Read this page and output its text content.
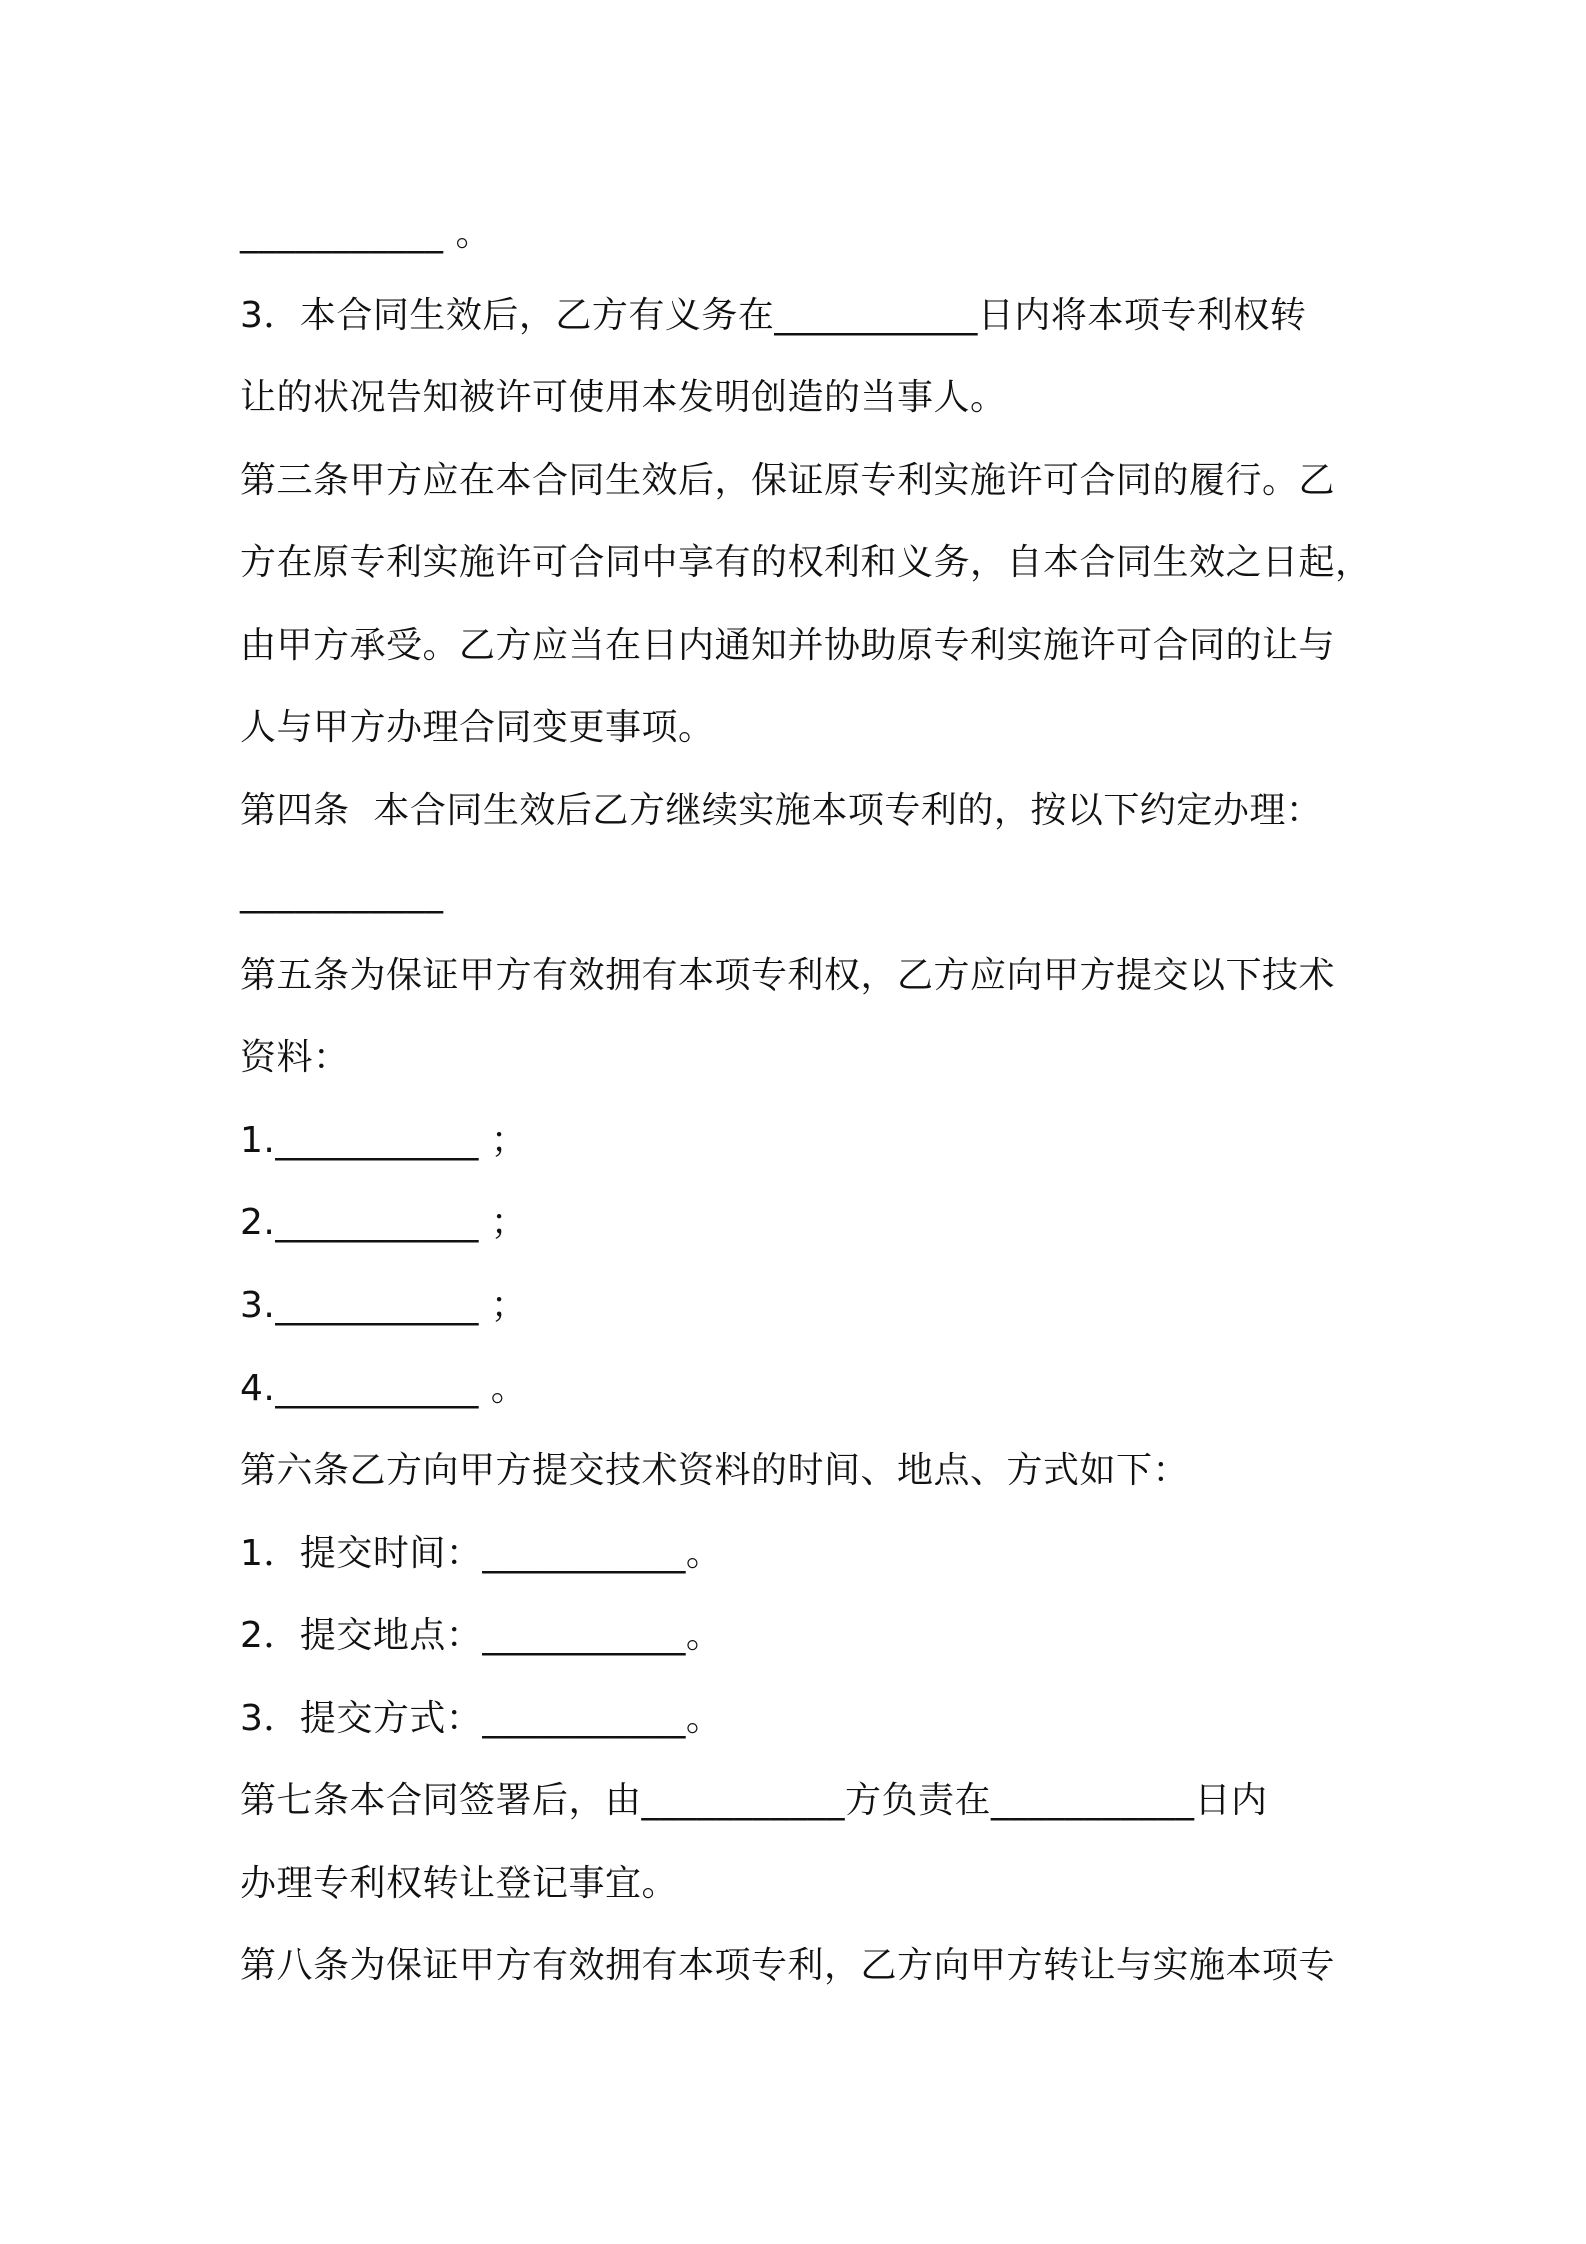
___________ 。
3．本合同生效后，乙方有义务在___________日内将本项专利权转
让的状况告知被许可使用本发明创造的当事人。
第三条甲方应在本合同生效后，保证原专利实施许可合同的履行。乙
方在原专利实施许可合同中享有的权利和义务，自本合同生效之日起，
由甲方承受。乙方应当在日内通知并协助原专利实施许可合同的让与
人与甲方办理合同变更事项。
第四条  本合同生效后乙方继续实施本项专利的，按以下约定办理：
___________
第五条为保证甲方有效拥有本项专利权，乙方应向甲方提交以下技术
资料：
1.___________ ；
2.___________ ；
3.___________ ；
4.___________ 。
第六条乙方向甲方提交技术资料的时间、地点、方式如下：
1．提交时间：___________。
2．提交地点：___________。
3．提交方式：___________。
第七条本合同签署后，由___________方负责在___________日内
办理专利权转让登记事宜。
第八条为保证甲方有效拥有本项专利，乙方向甲方转让与实施本项专
